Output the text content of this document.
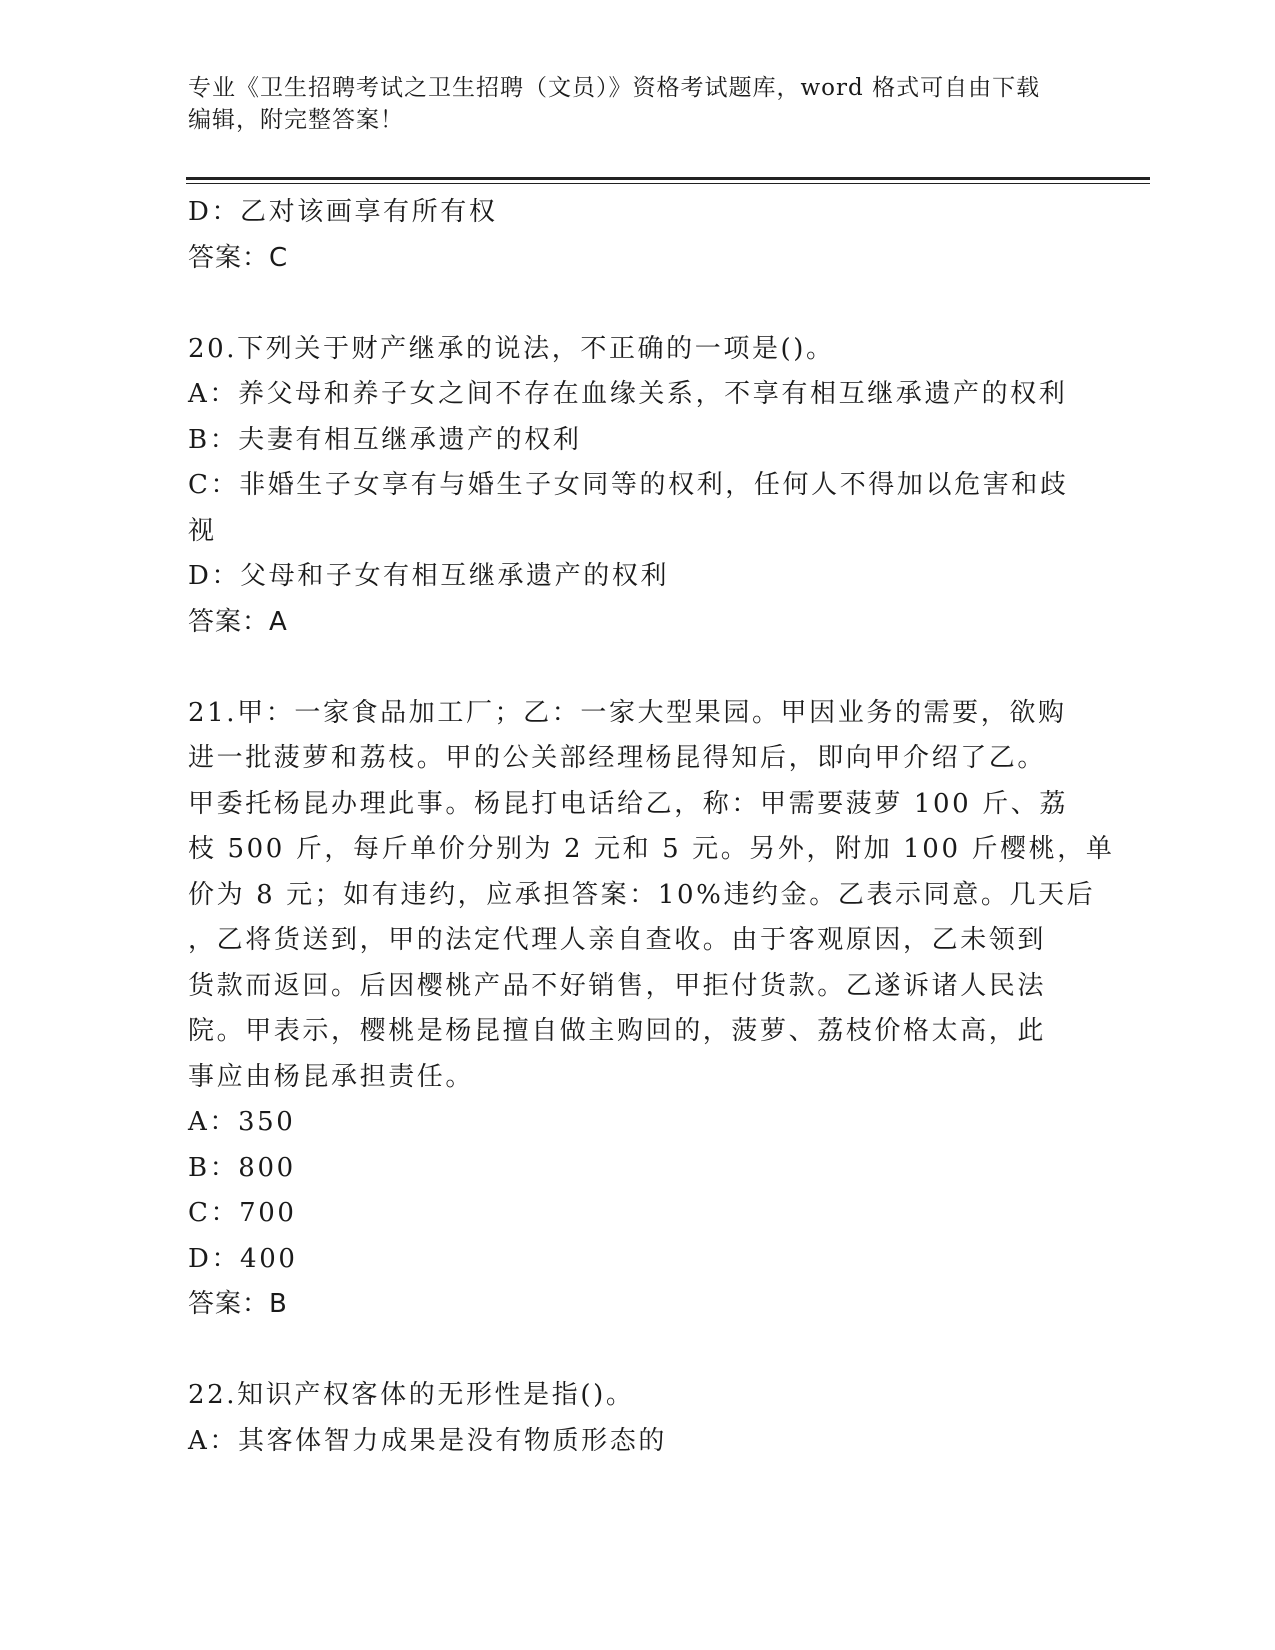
专业《卫生招聘考试之卫生招聘（文员）》资格考试题库，word 格式可自由下载
编辑，附完整答案！
D：乙对该画享有所有权
答案：C
20.下列关于财产继承的说法，不正确的一项是()。
A：养父母和养子女之间不存在血缘关系，不享有相互继承遗产的权利
B：夫妻有相互继承遗产的权利
C：非婚生子女享有与婚生子女同等的权利，任何人不得加以危害和歧
视
D：父母和子女有相互继承遗产的权利
答案：A
21.甲：一家食品加工厂；乙：一家大型果园。甲因业务的需要，欲购
进一批菠萝和荔枝。甲的公关部经理杨昆得知后，即向甲介绍了乙。
甲委托杨昆办理此事。杨昆打电话给乙，称：甲需要菠萝 100 斤、荔
枝 500 斤，每斤单价分别为 2 元和 5 元。另外，附加 100 斤樱桃，单
价为 8 元；如有违约，应承担答案：10%违约金。乙表示同意。几天后
，乙将货送到，甲的法定代理人亲自查收。由于客观原因，乙未领到
货款而返回。后因樱桃产品不好销售，甲拒付货款。乙遂诉诸人民法
院。甲表示，樱桃是杨昆擅自做主购回的，菠萝、荔枝价格太高，此
事应由杨昆承担责任。
A：350
B：800
C：700
D：400
答案：B
22.知识产权客体的无形性是指()。
A：其客体智力成果是没有物质形态的
